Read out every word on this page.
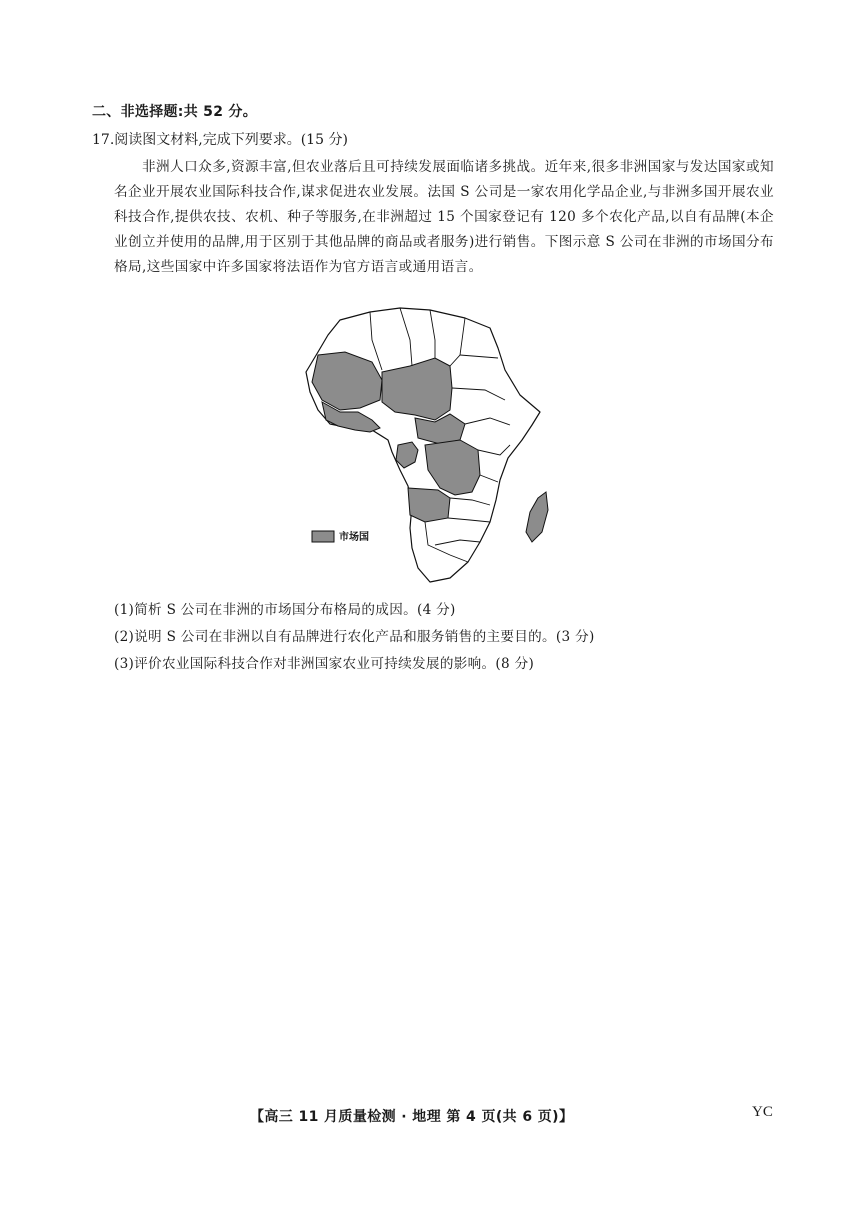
二、非选择题:共 52 分。
17.阅读图文材料,完成下列要求。(15 分)
非洲人口众多,资源丰富,但农业落后且可持续发展面临诸多挑战。近年来,很多非洲国家与发达国家或知名企业开展农业国际科技合作,谋求促进农业发展。法国 S 公司是一家农用化学品企业,与非洲多国开展农业科技合作,提供农技、农机、种子等服务,在非洲超过 15 个国家登记有 120 多个农化产品,以自有品牌(本企业创立并使用的品牌,用于区别于其他品牌的商品或者服务)进行销售。下图示意 S 公司在非洲的市场国分布格局,这些国家中许多国家将法语作为官方语言或通用语言。
市场国
(1)简析 S 公司在非洲的市场国分布格局的成因。(4 分)
(2)说明 S 公司在非洲以自有品牌进行农化产品和服务销售的主要目的。(3 分)
(3)评价农业国际科技合作对非洲国家农业可持续发展的影响。(8 分)
【高三 11 月质量检测 · 地理 第 4 页(共 6 页)】	YC
